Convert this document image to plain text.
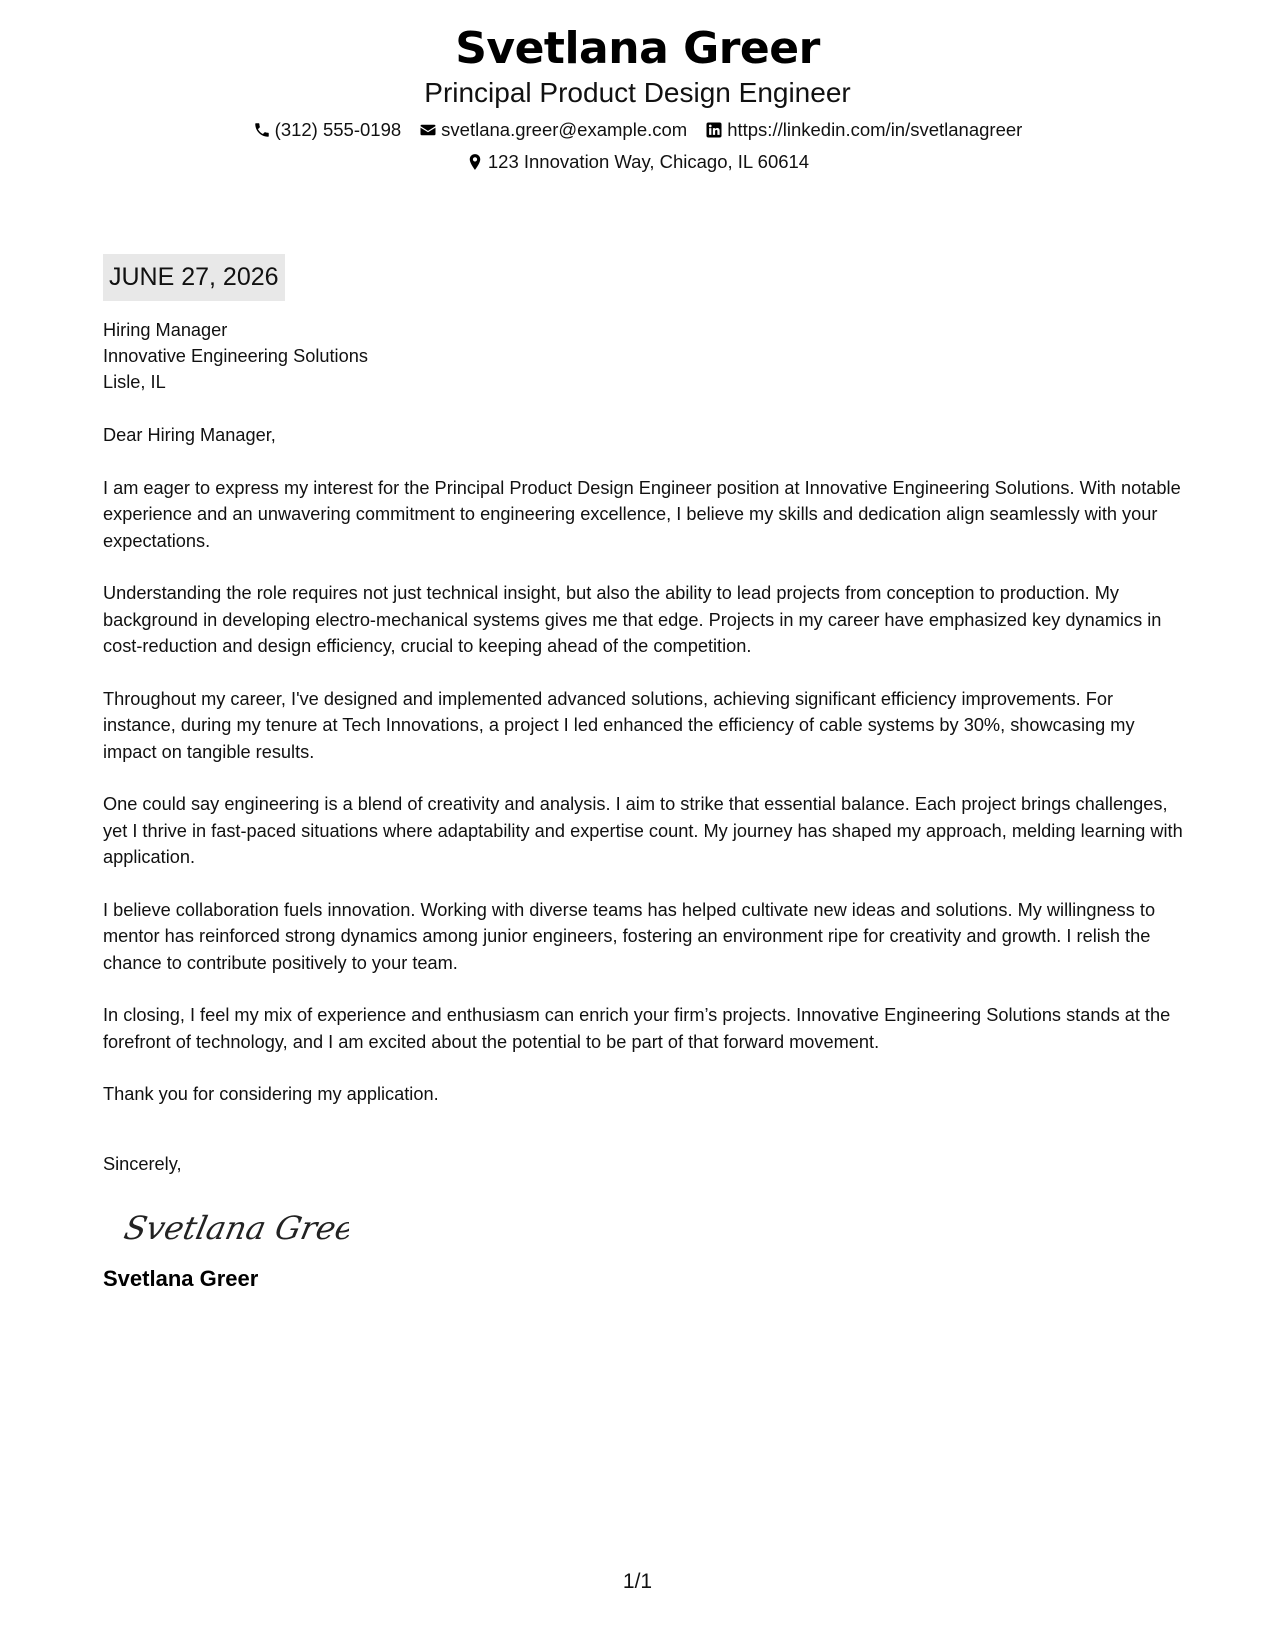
Svetlana Greer
Principal Product Design Engineer
(312) 555-0198 svetlana.greer@example.com https://linkedin.com/in/svetlanagreer
123 Innovation Way, Chicago, IL 60614
JUNE 27, 2026
Hiring Manager
Innovative Engineering Solutions
Lisle, IL
Dear Hiring Manager,
I am eager to express my interest for the Principal Product Design Engineer position at Innovative Engineering Solutions. With notable experience and an unwavering commitment to engineering excellence, I believe my skills and dedication align seamlessly with your expectations.
Understanding the role requires not just technical insight, but also the ability to lead projects from conception to production. My background in developing electro-mechanical systems gives me that edge. Projects in my career have emphasized key dynamics in cost-reduction and design efficiency, crucial to keeping ahead of the competition.
Throughout my career, I've designed and implemented advanced solutions, achieving significant efficiency improvements. For instance, during my tenure at Tech Innovations, a project I led enhanced the efficiency of cable systems by 30%, showcasing my impact on tangible results.
One could say engineering is a blend of creativity and analysis. I aim to strike that essential balance. Each project brings challenges, yet I thrive in fast-paced situations where adaptability and expertise count. My journey has shaped my approach, melding learning with application.
I believe collaboration fuels innovation. Working with diverse teams has helped cultivate new ideas and solutions. My willingness to mentor has reinforced strong dynamics among junior engineers, fostering an environment ripe for creativity and growth. I relish the chance to contribute positively to your team.
In closing, I feel my mix of experience and enthusiasm can enrich your firm’s projects. Innovative Engineering Solutions stands at the forefront of technology, and I am excited about the potential to be part of that forward movement.
Thank you for considering my application.
Sincerely,
Svetlana Greer
Svetlana Greer
1/1
